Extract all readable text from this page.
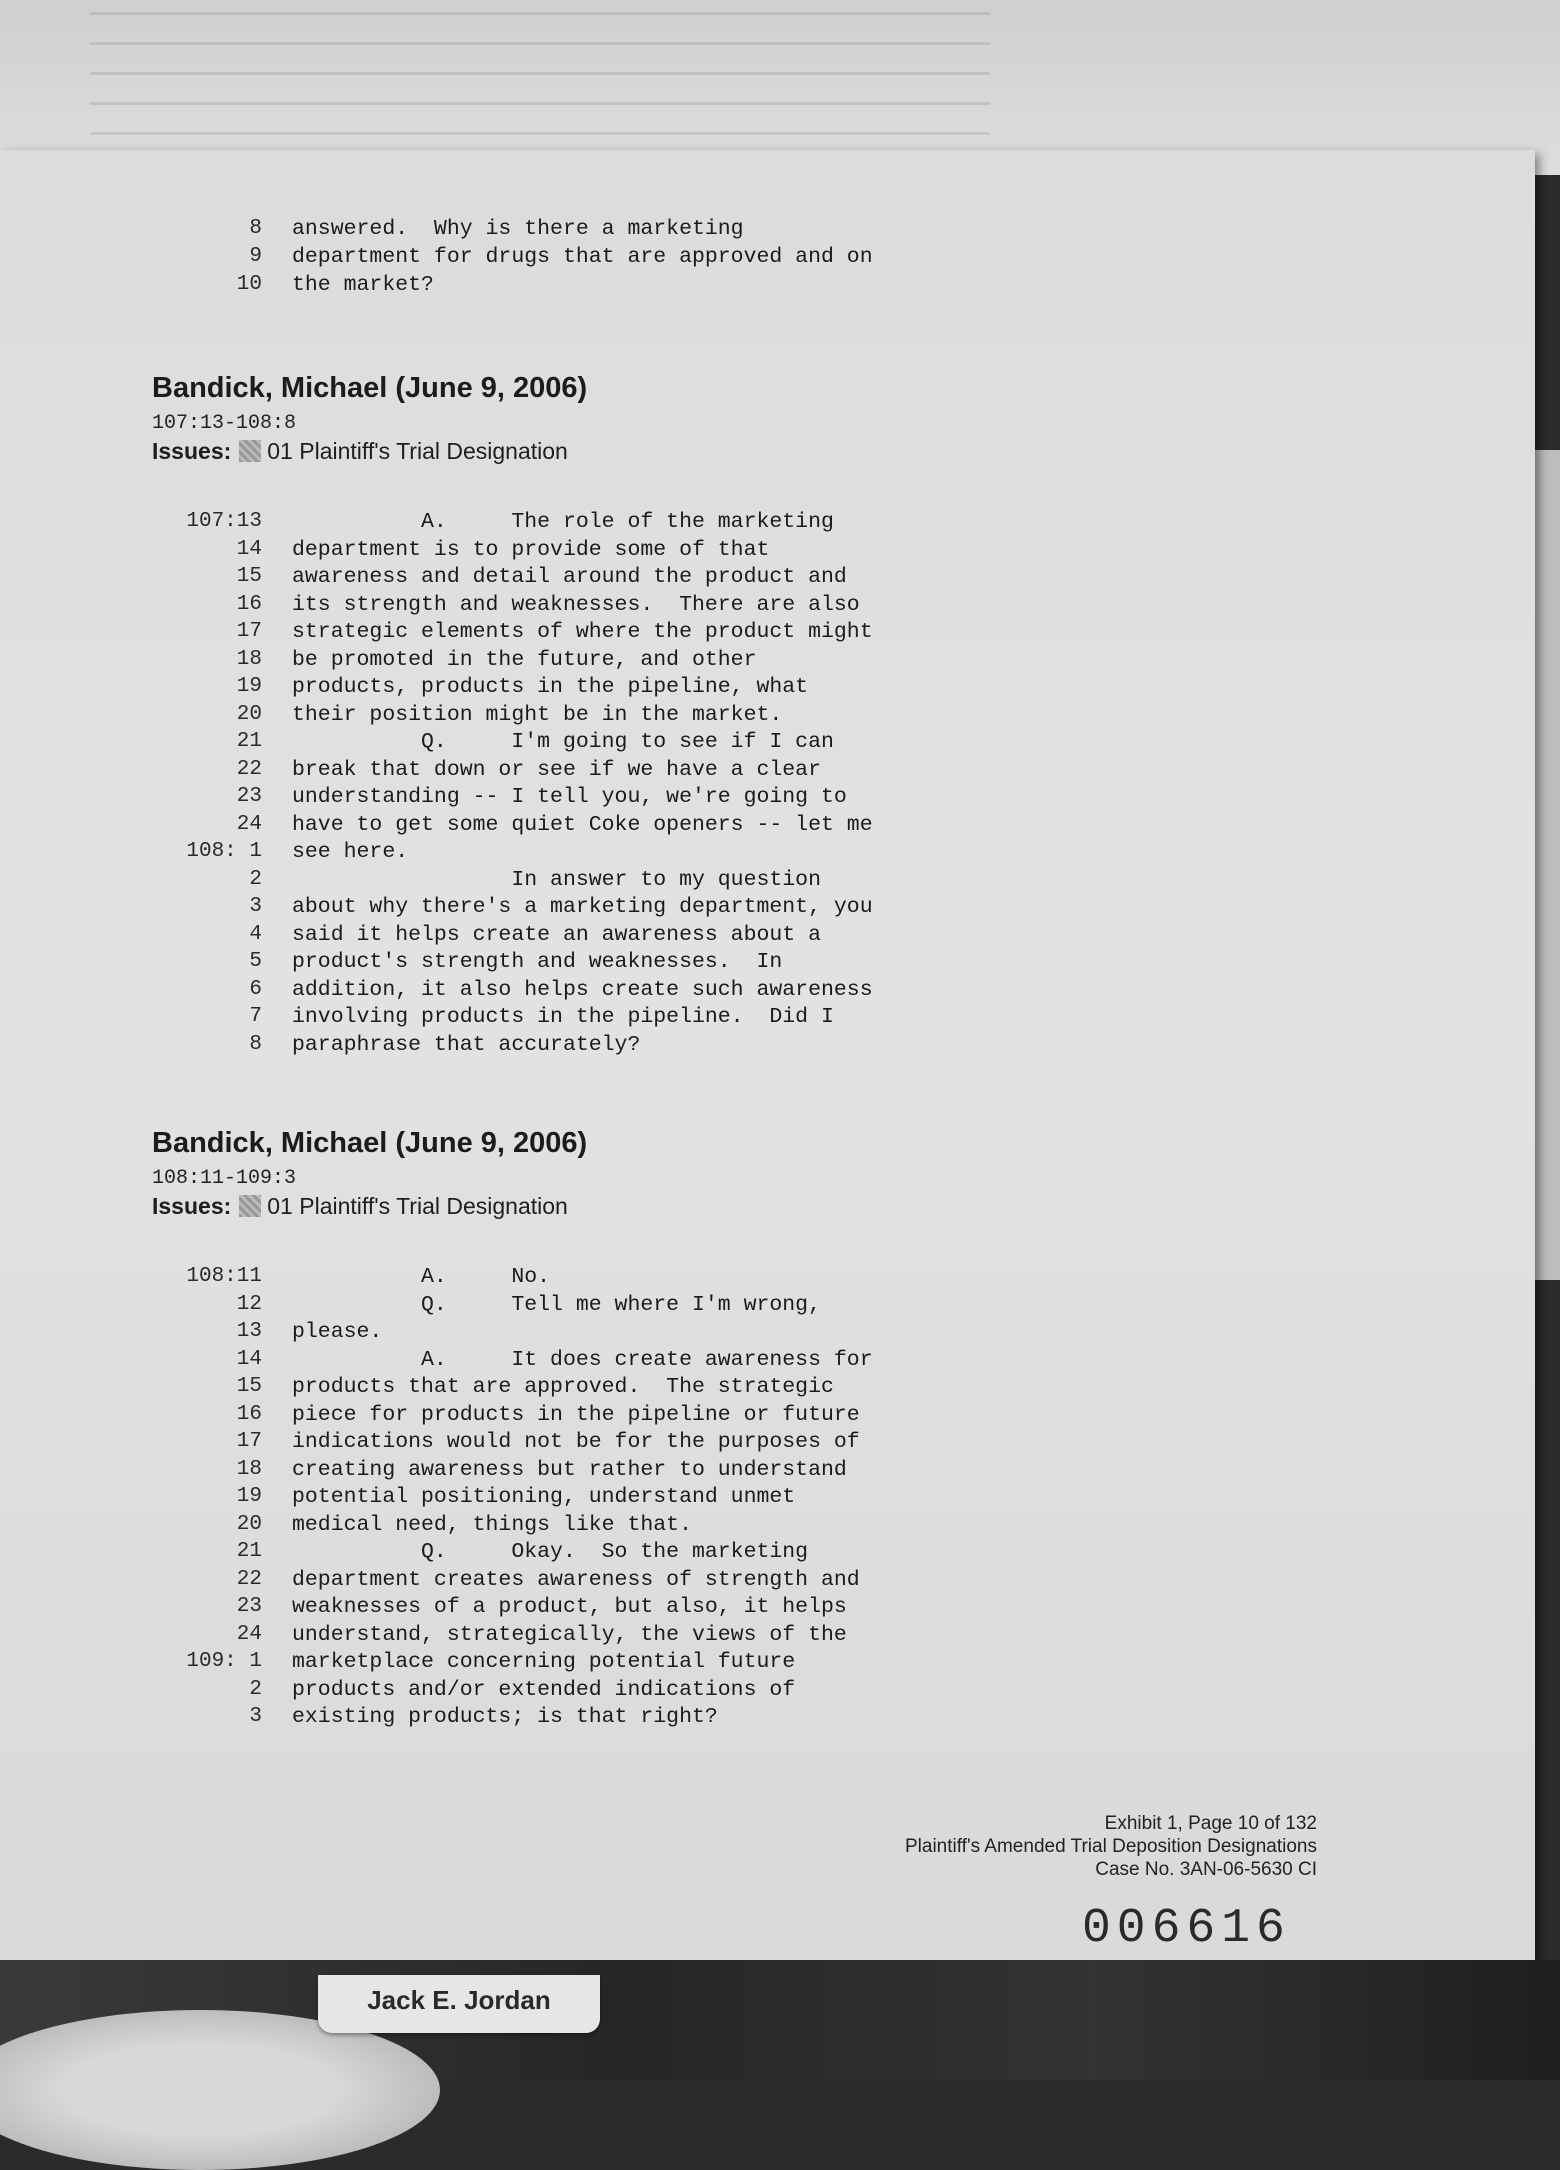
Jack E. Jordan
8 answered.  Why is there a marketing
9 department for drugs that are approved and on
10 the market?
Bandick, Michael (June 9, 2006)
107:13-108:8
Issues: 01 Plaintiff's Trial Designation
107:13 A.     The role of the marketing
14 department is to provide some of that
15 awareness and detail around the product and
16 its strength and weaknesses.  There are also
17 strategic elements of where the product might
18 be promoted in the future, and other
19 products, products in the pipeline, what
20 their position might be in the market.
21 Q.     I'm going to see if I can
22 break that down or see if we have a clear
23 understanding -- I tell you, we're going to
24 have to get some quiet Coke openers -- let me
108: 1 see here.
2 In answer to my question
3 about why there's a marketing department, you
4 said it helps create an awareness about a
5 product's strength and weaknesses.  In
6 addition, it also helps create such awareness
7 involving products in the pipeline.  Did I
8 paraphrase that accurately?
Bandick, Michael (June 9, 2006)
108:11-109:3
Issues: 01 Plaintiff's Trial Designation
108:11 A.     No.
12 Q.     Tell me where I'm wrong,
13 please.
14 A.     It does create awareness for
15 products that are approved.  The strategic
16 piece for products in the pipeline or future
17 indications would not be for the purposes of
18 creating awareness but rather to understand
19 potential positioning, understand unmet
20 medical need, things like that.
21 Q.     Okay.  So the marketing
22 department creates awareness of strength and
23 weaknesses of a product, but also, it helps
24 understand, strategically, the views of the
109: 1 marketplace concerning potential future
2 products and/or extended indications of
3 existing products; is that right?
Exhibit 1, Page 10 of 132
Plaintiff's Amended Trial Deposition Designations
Case No. 3AN-06-5630 CI
006616
